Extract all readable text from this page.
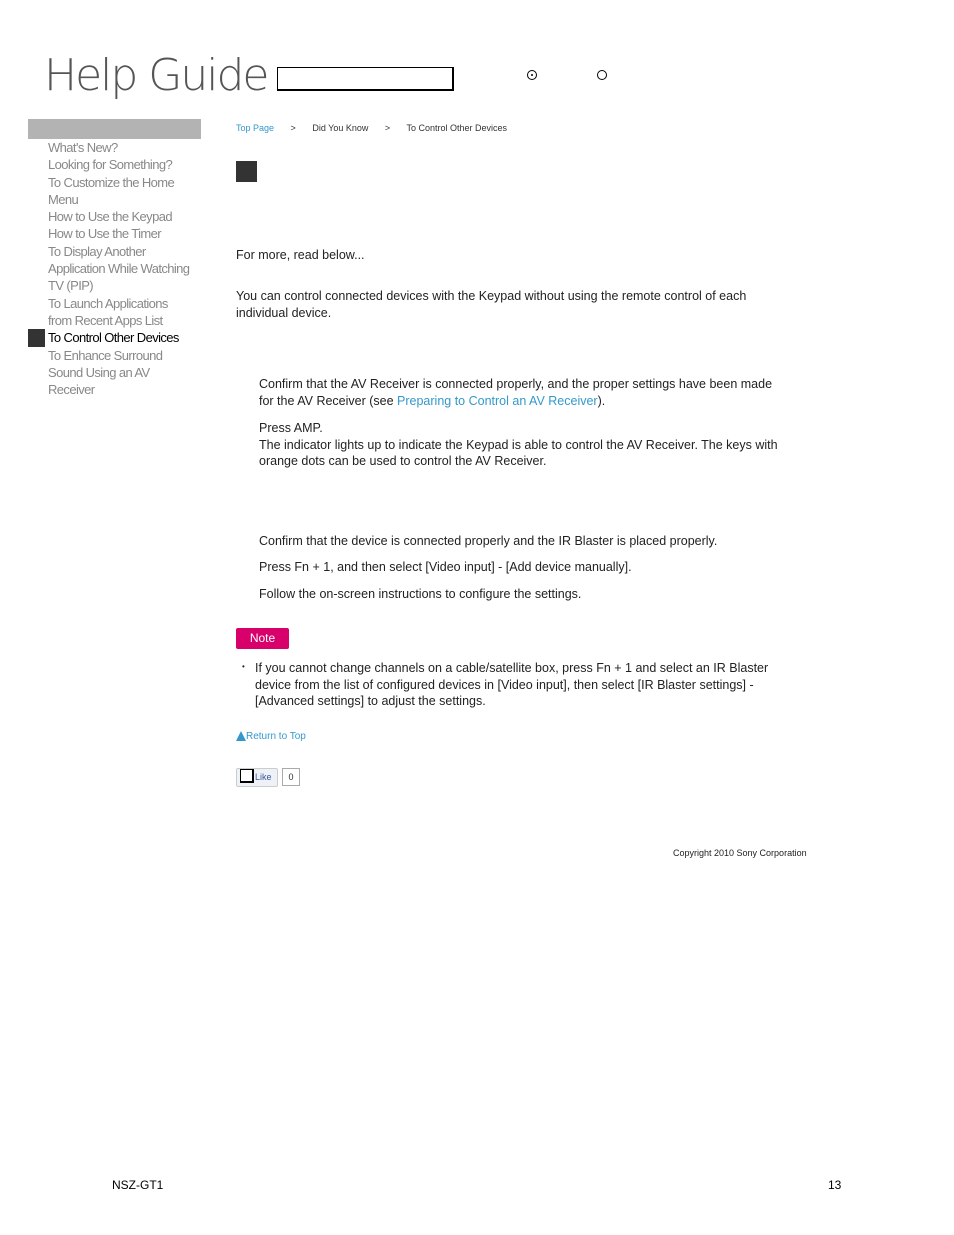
Help Guide
What's New?
Looking for Something?
To Customize the Home
Menu
How to Use the Keypad
How to Use the Timer
To Display Another
Application While Watching
TV (PIP)
To Launch Applications
from Recent Apps List
To Control Other Devices
To Enhance Surround
Sound Using an AV
Receiver
Top Page > Did You Know > To Control Other Devices
For more, read below...
You can control connected devices with the Keypad without using the remote control of each
individual device.
Confirm that the AV Receiver is connected properly, and the proper settings have been made
for the AV Receiver (see Preparing to Control an AV Receiver).
Press AMP.
The indicator lights up to indicate the Keypad is able to control the AV Receiver. The keys with
orange dots can be used to control the AV Receiver.
Confirm that the device is connected properly and the IR Blaster is placed properly.
Press Fn + 1, and then select [Video input] - [Add device manually].
Follow the on-screen instructions to configure the settings.
Note
• If you cannot change channels on a cable/satellite box, press Fn + 1 and select an IR Blaster
device from the list of configured devices in [Video input], then select [IR Blaster settings] -
[Advanced settings] to adjust the settings.
Return to Top
Like	0
Copyright 2010 Sony Corporation
NSZ-GT1	13
